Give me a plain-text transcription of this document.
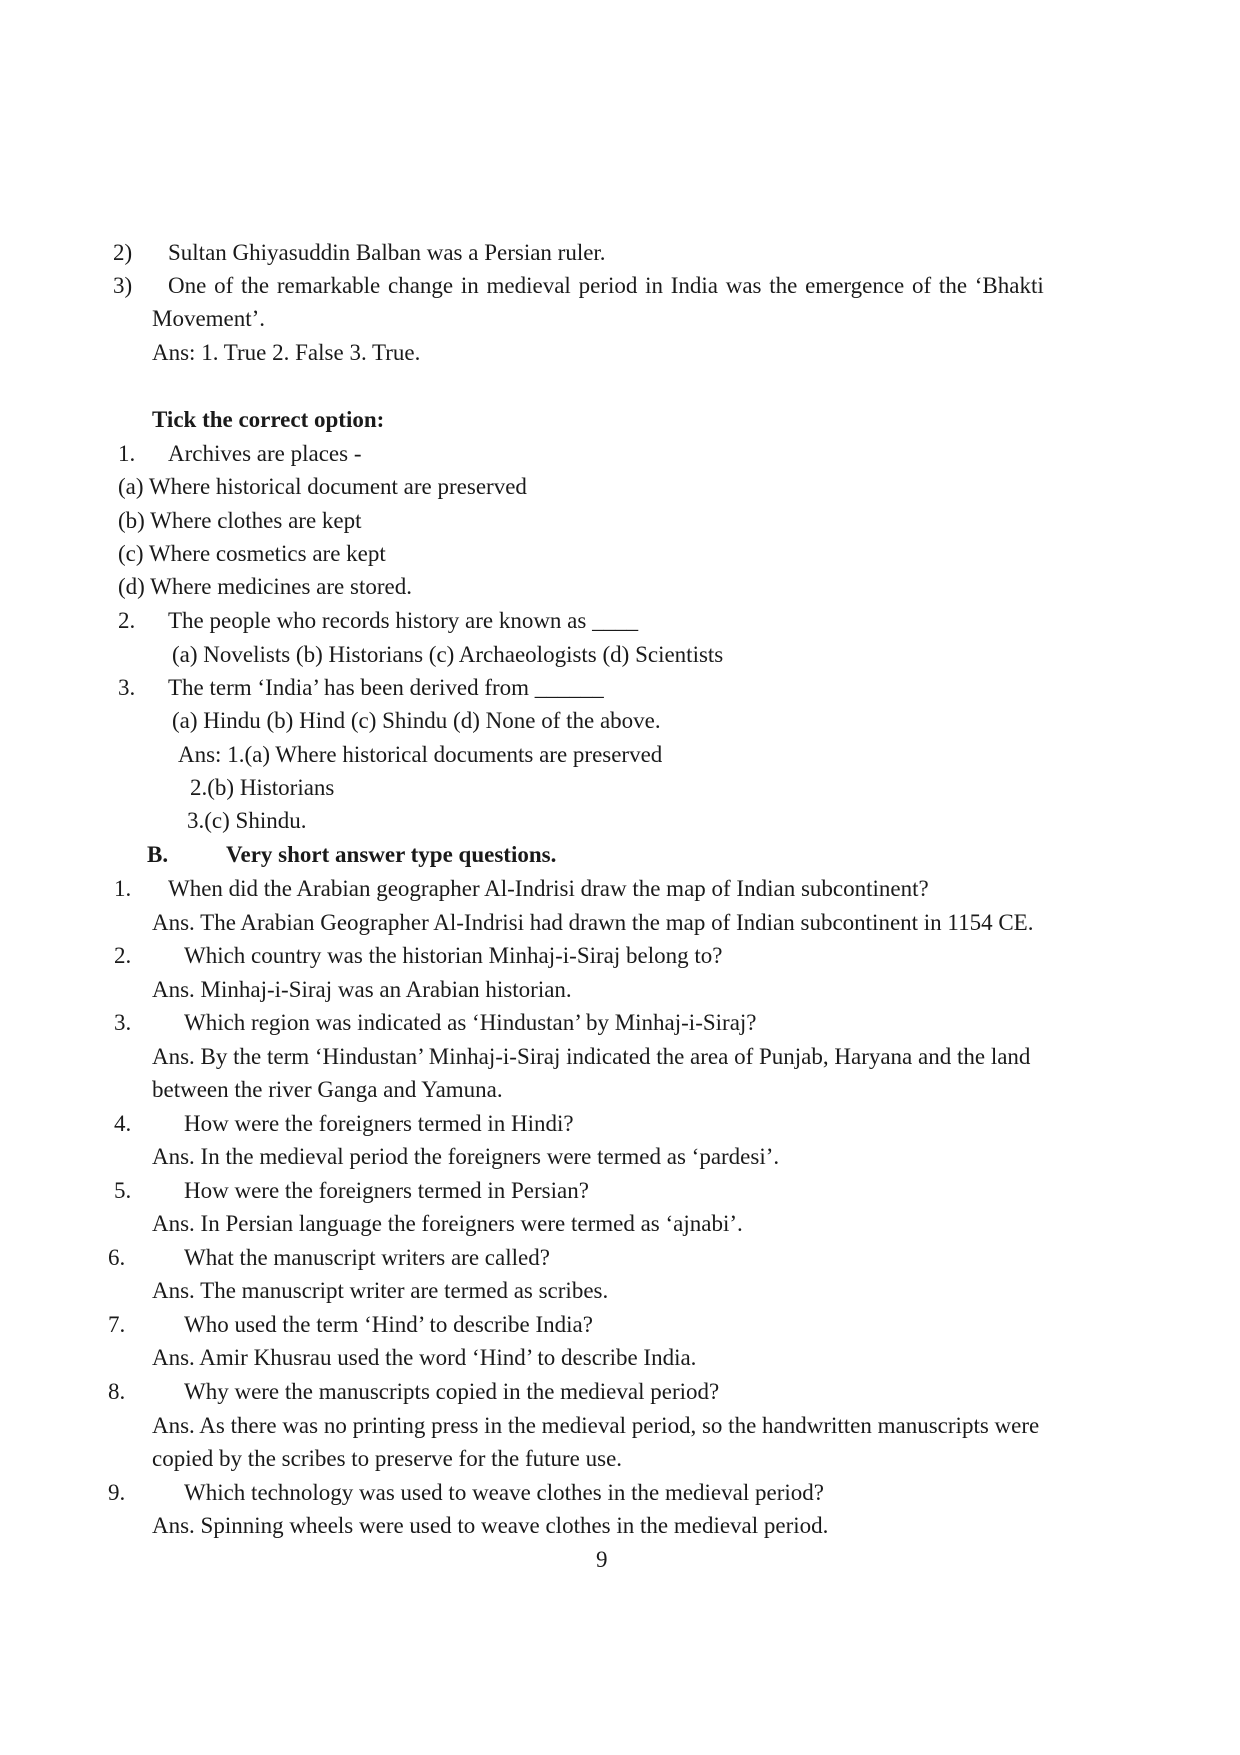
2) Sultan Ghiyasuddin Balban was a Persian ruler.
3) One of the remarkable change in medieval period in India was the emergence of the ‘Bhakti
Movement’.
Ans: 1. True 2. False 3. True.
Tick the correct option:
1. Archives are places -
(a) Where historical document are preserved
(b) Where clothes are kept
(c) Where cosmetics are kept
(d) Where medicines are stored.
2. The people who records history are known as ____
(a) Novelists (b) Historians (c) Archaeologists (d) Scientists
3. The term ‘India’ has been derived from ______
(a) Hindu (b) Hind (c) Shindu (d) None of the above.
Ans: 1.(a) Where historical documents are preserved
2.(b) Historians
3.(c) Shindu.
B.	Very short answer type questions.
1. When did the Arabian geographer Al-Indrisi draw the map of Indian subcontinent?
Ans. The Arabian Geographer Al-Indrisi had drawn the map of Indian subcontinent in 1154 CE.
2. Which country was the historian Minhaj-i-Siraj belong to?
Ans. Minhaj-i-Siraj was an Arabian historian.
3. Which region was indicated as ‘Hindustan’ by Minhaj-i-Siraj?
Ans. By the term ‘Hindustan’ Minhaj-i-Siraj indicated the area of Punjab, Haryana and the land
between the river Ganga and Yamuna.
4. How were the foreigners termed in Hindi?
Ans. In the medieval period the foreigners were termed as ‘pardesi’.
5. How were the foreigners termed in Persian?
Ans. In Persian language the foreigners were termed as ‘ajnabi’.
6.	What the manuscript writers are called?
Ans. The manuscript writer are termed as scribes.
7.	Who used the term ‘Hind’ to describe India?
Ans. Amir Khusrau used the word ‘Hind’ to describe India.
8.	Why were the manuscripts copied in the medieval period?
Ans. As there was no printing press in the medieval period, so the handwritten manuscripts were
copied by the scribes to preserve for the future use.
9.	Which technology was used to weave clothes in the medieval period?
Ans. Spinning wheels were used to weave clothes in the medieval period.
9
